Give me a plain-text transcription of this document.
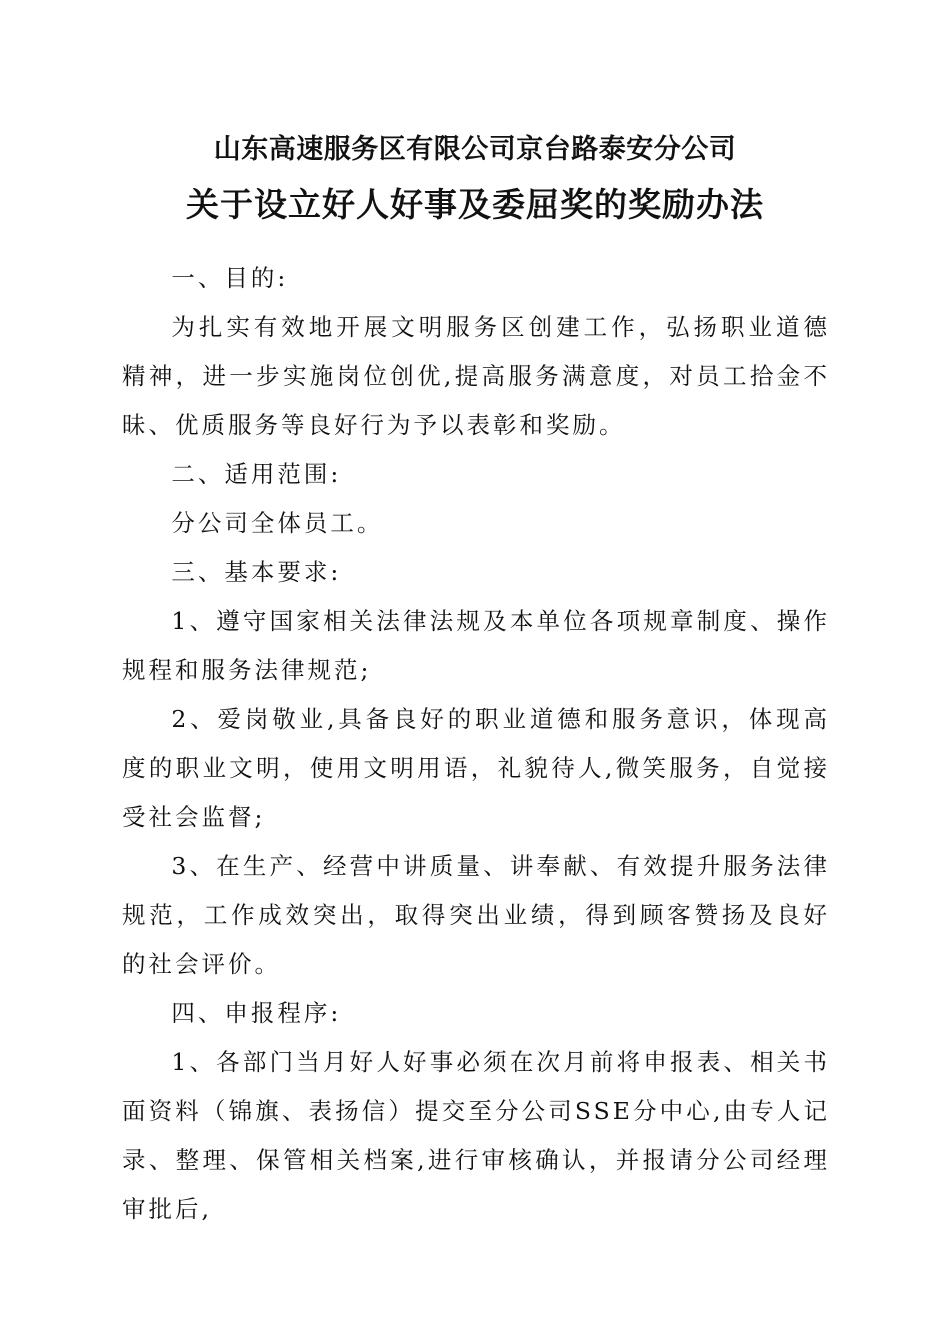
山东高速服务区有限公司京台路泰安分公司
关于设立好人好事及委屈奖的奖励办法

一、目的:

为扎实有效地开展文明服务区创建工作，弘扬职业道德精神，进一步实施岗位创优,提高服务满意度，对员工拾金不昧、优质服务等良好行为予以表彰和奖励。

二、适用范围:

分公司全体员工。

三、基本要求:

1、遵守国家相关法律法规及本单位各项规章制度、操作规程和服务法律规范;

2、爱岗敬业,具备良好的职业道德和服务意识，体现高度的职业文明，使用文明用语，礼貌待人,微笑服务，自觉接受社会监督;

3、在生产、经营中讲质量、讲奉献、有效提升服务法律规范，工作成效突出，取得突出业绩，得到顾客赞扬及良好的社会评价。

四、申报程序:

1、各部门当月好人好事必须在次月前将申报表、相关书面资料（锦旗、表扬信）提交至分公司SSE分中心,由专人记录、整理、保管相关档案,进行审核确认，并报请分公司经理审批后,
